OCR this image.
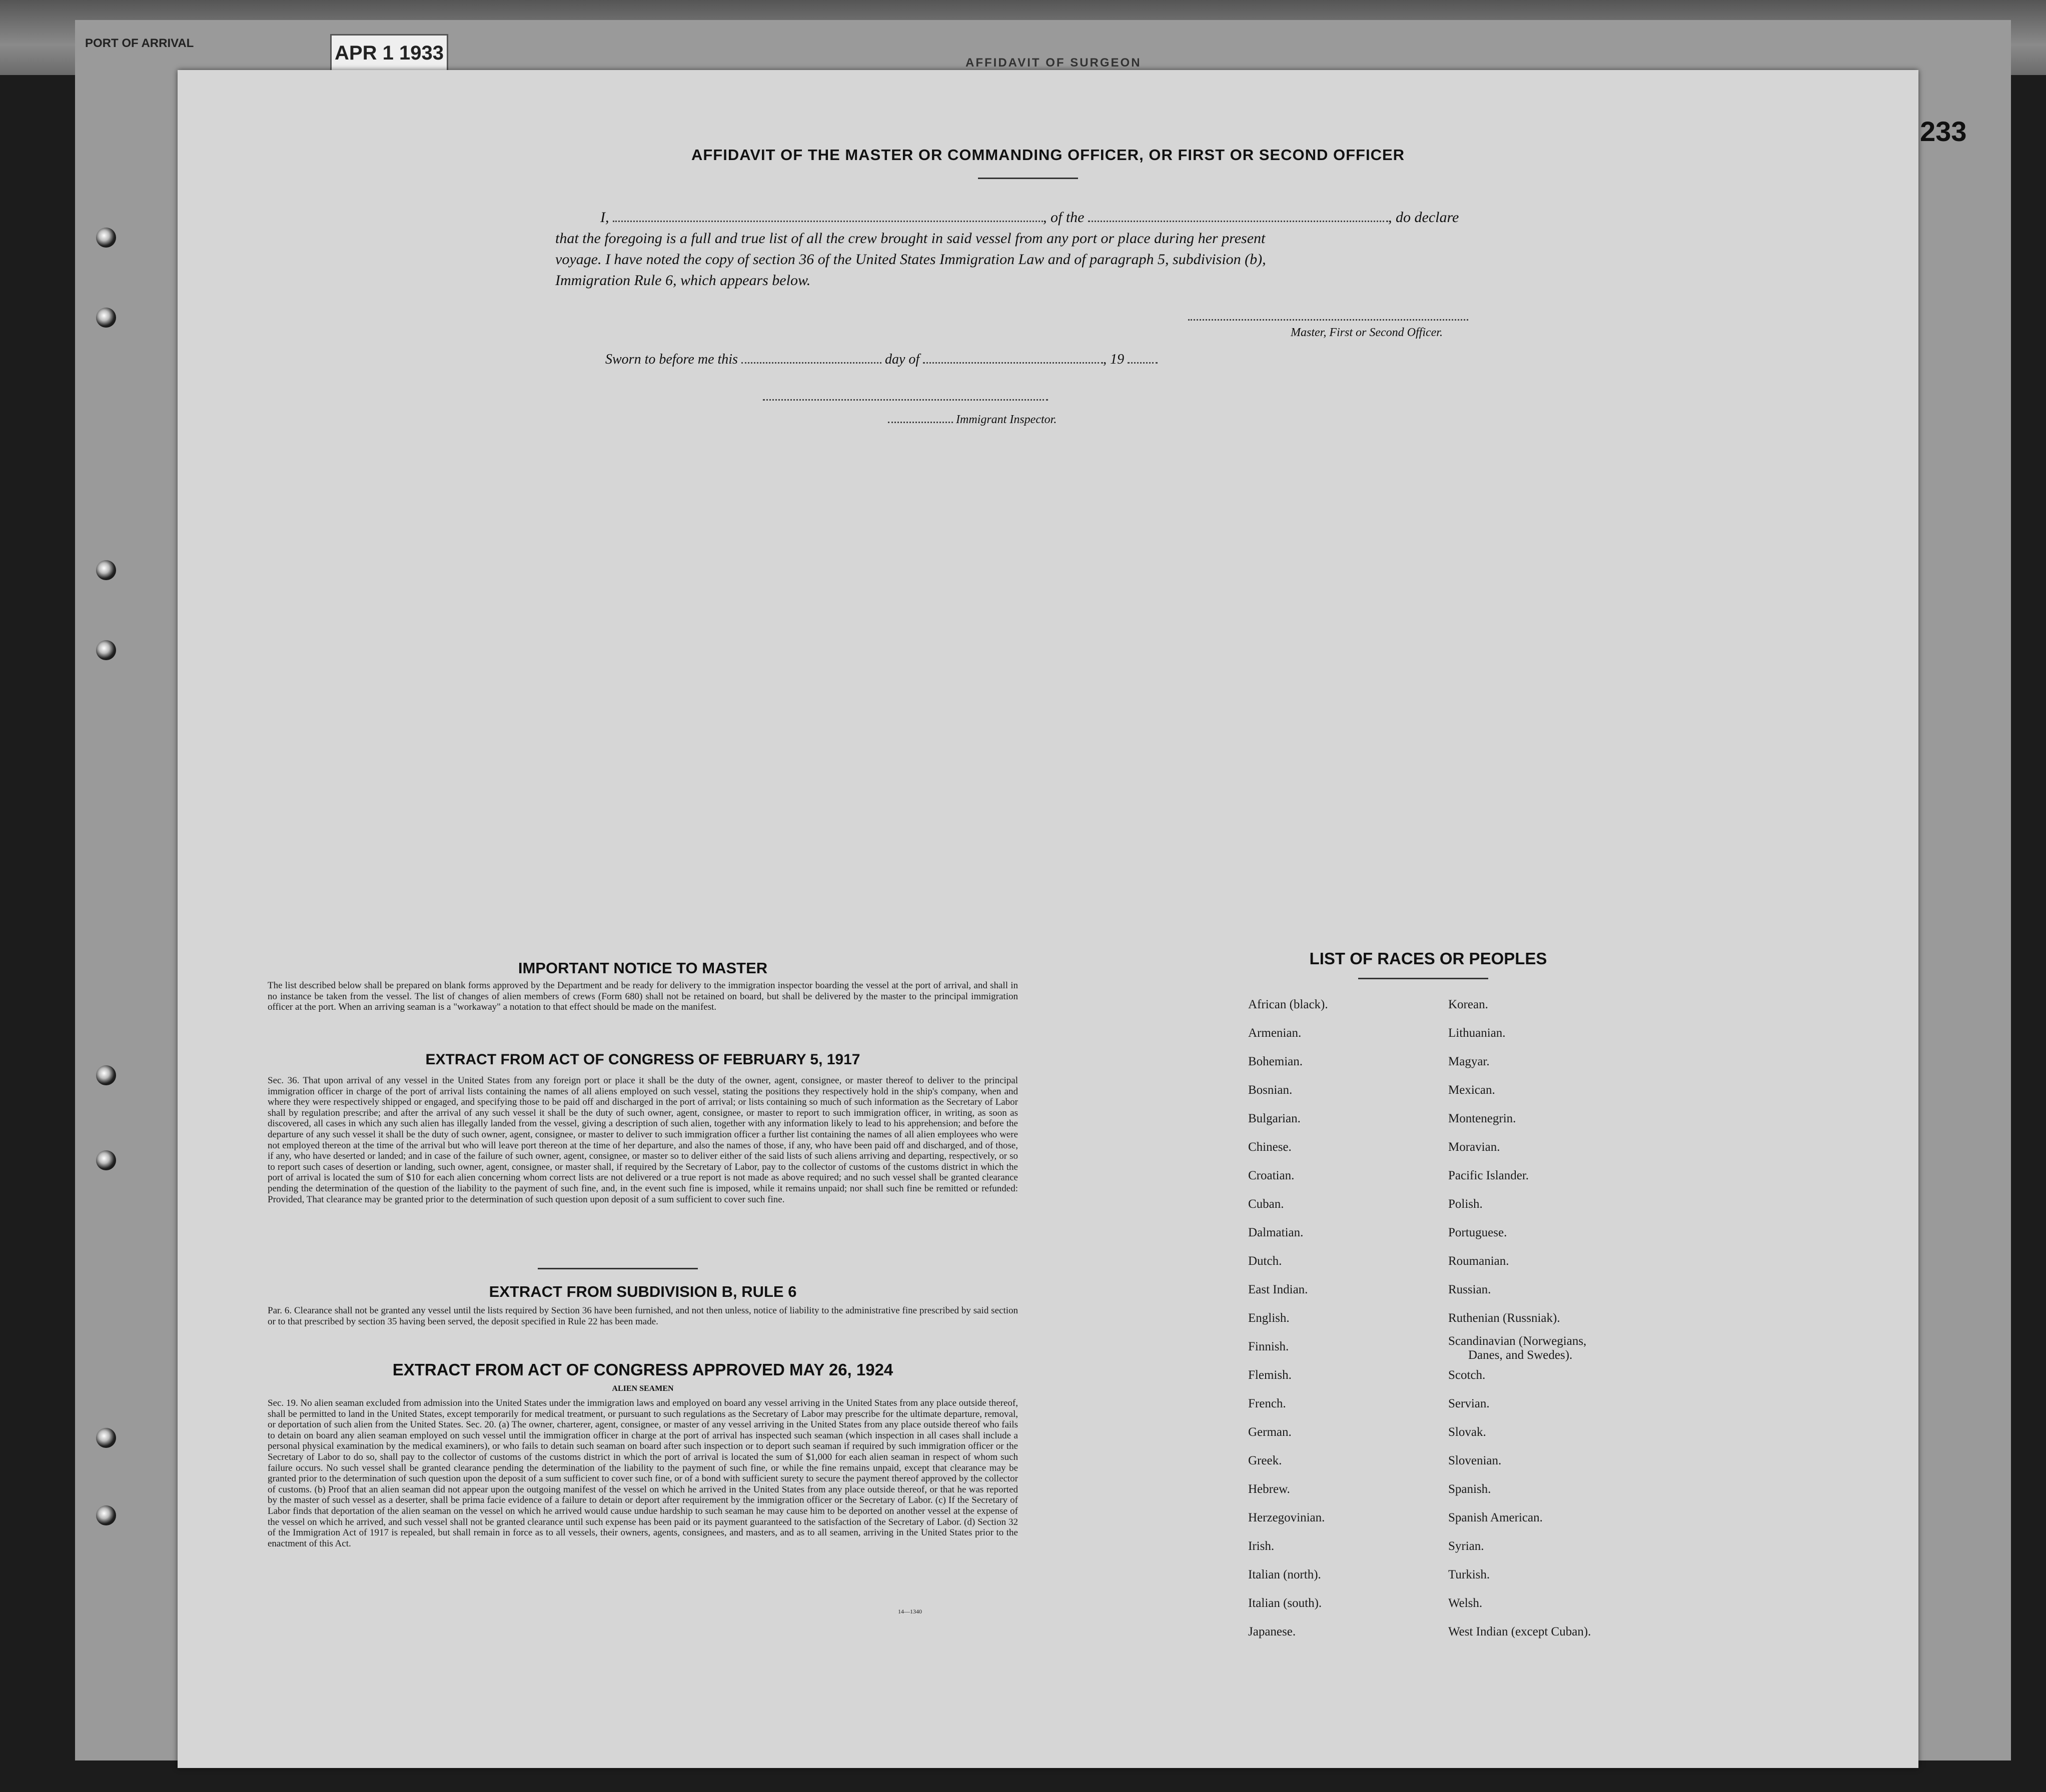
PORT OF ARRIVAL	APR 1 1933	AFFIDAVIT OF SURGEON
233
AFFIDAVIT OF THE MASTER OR COMMANDING OFFICER, OR FIRST OR SECOND OFFICER
I,	, of the	, do declare
that the foregoing is a full and true list of all the crew brought in said vessel from any port or place during her present
voyage. I have noted the copy of section 36 of the United States Immigration Law and of paragraph 5, subdivision (b),
Immigration Rule 6, which appears below.
Master, First or Second Officer.
Sworn to before me this	day of	, 19
Immigrant Inspector.
IMPORTANT NOTICE TO MASTER
The list described below shall be prepared on blank forms approved by the Department and be ready for delivery to the immigration inspector boarding the vessel at the port of arrival, and shall in no instance be taken from the vessel. The list of changes of alien members of crews (Form 680) shall not be retained on board, but shall be delivered by the master to the principal immigration officer at the port. When an arriving seaman is a "workaway" a notation to that effect should be made on the manifest.
EXTRACT FROM ACT OF CONGRESS OF FEBRUARY 5, 1917
Sec. 36. That upon arrival of any vessel in the United States from any foreign port or place it shall be the duty of the owner, agent, consignee, or master thereof to deliver to the principal immigration officer in charge of the port of arrival lists containing the names of all aliens employed on such vessel, stating the positions they respectively hold in the ship's company, when and where they were respectively shipped or engaged, and specifying those to be paid off and discharged in the port of arrival; or lists containing so much of such information as the Secretary of Labor shall by regulation prescribe; and after the arrival of any such vessel it shall be the duty of such owner, agent, consignee, or master to report to such immigration officer, in writing, as soon as discovered, all cases in which any such alien has illegally landed from the vessel, giving a description of such alien, together with any information likely to lead to his apprehension; and before the departure of any such vessel it shall be the duty of such owner, agent, consignee, or master to deliver to such immigration officer a further list containing the names of all alien employees who were not employed thereon at the time of the arrival but who will leave port thereon at the time of her departure, and also the names of those, if any, who have been paid off and discharged, and of those, if any, who have deserted or landed; and in case of the failure of such owner, agent, consignee, or master so to deliver either of the said lists of such aliens arriving and departing, respectively, or so to report such cases of desertion or landing, such owner, agent, consignee, or master shall, if required by the Secretary of Labor, pay to the collector of customs of the customs district in which the port of arrival is located the sum of $10 for each alien concerning whom correct lists are not delivered or a true report is not made as above required; and no such vessel shall be granted clearance pending the determination of the question of the liability to the payment of such fine, and, in the event such fine is imposed, while it remains unpaid; nor shall such fine be remitted or refunded: Provided, That clearance may be granted prior to the determination of such question upon deposit of a sum sufficient to cover such fine.
EXTRACT FROM SUBDIVISION B, RULE 6
Par. 6. Clearance shall not be granted any vessel until the lists required by Section 36 have been furnished, and not then unless, notice of liability to the administrative fine prescribed by said section or to that prescribed by section 35 having been served, the deposit specified in Rule 22 has been made.
EXTRACT FROM ACT OF CONGRESS APPROVED MAY 26, 1924
ALIEN SEAMEN
Sec. 19. No alien seaman excluded from admission into the United States under the immigration laws and employed on board any vessel arriving in the United States from any place outside thereof, shall be permitted to land in the United States, except temporarily for medical treatment, or pursuant to such regulations as the Secretary of Labor may prescribe for the ultimate departure, removal, or deportation of such alien from the United States. Sec. 20. (a) The owner, charterer, agent, consignee, or master of any vessel arriving in the United States from any place outside thereof who fails to detain on board any alien seaman employed on such vessel until the immigration officer in charge at the port of arrival has inspected such seaman (which inspection in all cases shall include a personal physical examination by the medical examiners), or who fails to detain such seaman on board after such inspection or to deport such seaman if required by such immigration officer or the Secretary of Labor to do so, shall pay to the collector of customs of the customs district in which the port of arrival is located the sum of $1,000 for each alien seaman in respect of whom such failure occurs. No such vessel shall be granted clearance pending the determination of the liability to the payment of such fine, or while the fine remains unpaid, except that clearance may be granted prior to the determination of such question upon the deposit of a sum sufficient to cover such fine, or of a bond with sufficient surety to secure the payment thereof approved by the collector of customs. (b) Proof that an alien seaman did not appear upon the outgoing manifest of the vessel on which he arrived in the United States from any place outside thereof, or that he was reported by the master of such vessel as a deserter, shall be prima facie evidence of a failure to detain or deport after requirement by the immigration officer or the Secretary of Labor. (c) If the Secretary of Labor finds that deportation of the alien seaman on the vessel on which he arrived would cause undue hardship to such seaman he may cause him to be deported on another vessel at the expense of the vessel on which he arrived, and such vessel shall not be granted clearance until such expense has been paid or its payment guaranteed to the satisfaction of the Secretary of Labor. (d) Section 32 of the Immigration Act of 1917 is repealed, but shall remain in force as to all vessels, their owners, agents, consignees, and masters, and as to all seamen, arriving in the United States prior to the enactment of this Act.
14—1340
LIST OF RACES OR PEOPLES
African (black).
Armenian.
Bohemian.
Bosnian.
Bulgarian.
Chinese.
Croatian.
Cuban.
Dalmatian.
Dutch.
East Indian.
English.
Finnish.
Flemish.
French.
German.
Greek.
Hebrew.
Herzegovinian.
Irish.
Italian (north).
Italian (south).
Japanese.
Korean.
Lithuanian.
Magyar.
Mexican.
Montenegrin.
Moravian.
Pacific Islander.
Polish.
Portuguese.
Roumanian.
Russian.
Ruthenian (Russniak).
Scandinavian (Norwegians,
Danes, and Swedes).
Scotch.
Servian.
Slovak.
Slovenian.
Spanish.
Spanish American.
Syrian.
Turkish.
Welsh.
West Indian (except Cuban).
